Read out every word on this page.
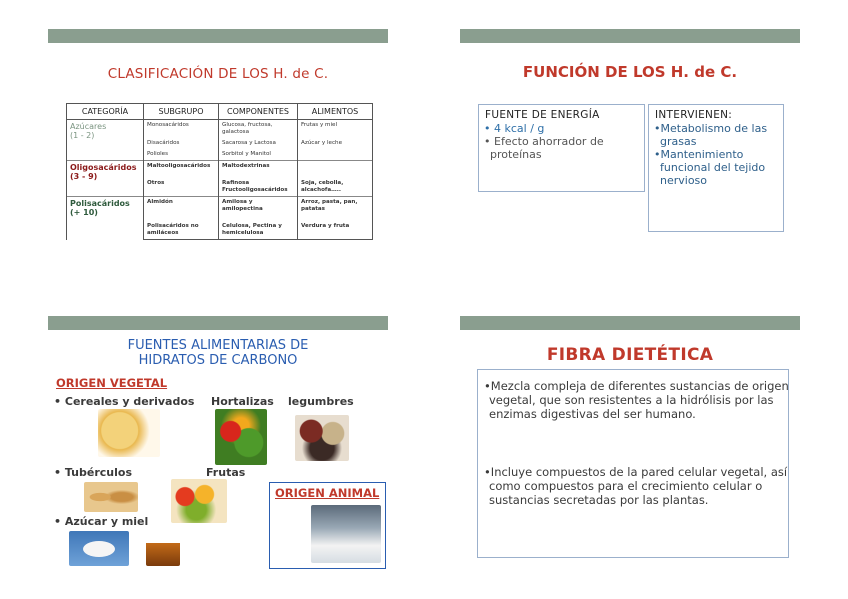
CLASIFICACIÓN DE LOS H. de C.
CATEGORÍA	SUBGRUPO	COMPONENTES	ALIMENTOS

Azúcares
(1 - 2)	Monosacáridos	Glucosa, fructosa, galactosa	Frutas y miel
	Disacáridos	Sacarosa y Lactosa	Azúcar y leche
	Polioles	Sorbitol y Manitol	

Oligosacáridos
(3 - 9)	Maltooligosacáridos	Maltodextrinas	
	Otros	Rafinosa Fructooligosacáridos	Soja, cebolla, alcachofa…..

Polisacáridos
(+ 10)	Almidón	Amilosa y amilopectina	Arroz, pasta, pan, patatas
	Polisacáridos no amiláceos	Celulosa, Pectina y hemicelulosa	Verdura y fruta
FUNCIÓN DE LOS H. de C.
FUENTE DE ENERGÍA
• 4 kcal / g
• Efecto ahorrador de proteínas
INTERVIENEN:
•Metabolismo de las grasas
•Mantenimiento funcional del tejido nervioso
FUENTES ALIMENTARIAS DE
HIDRATOS DE CARBONO
ORIGEN VEGETAL
• Cereales y derivados Hortalizas legumbres
• Tubérculos	Frutas
• Azúcar y miel
ORIGEN ANIMAL
FIBRA DIETÉTICA
•Mezcla compleja de diferentes sustancias de origen vegetal, que son resistentes a la hidrólisis por las enzimas digestivas del ser humano.
•Incluye compuestos de la pared celular vegetal, así como compuestos para el crecimiento celular o sustancias secretadas por las plantas.
